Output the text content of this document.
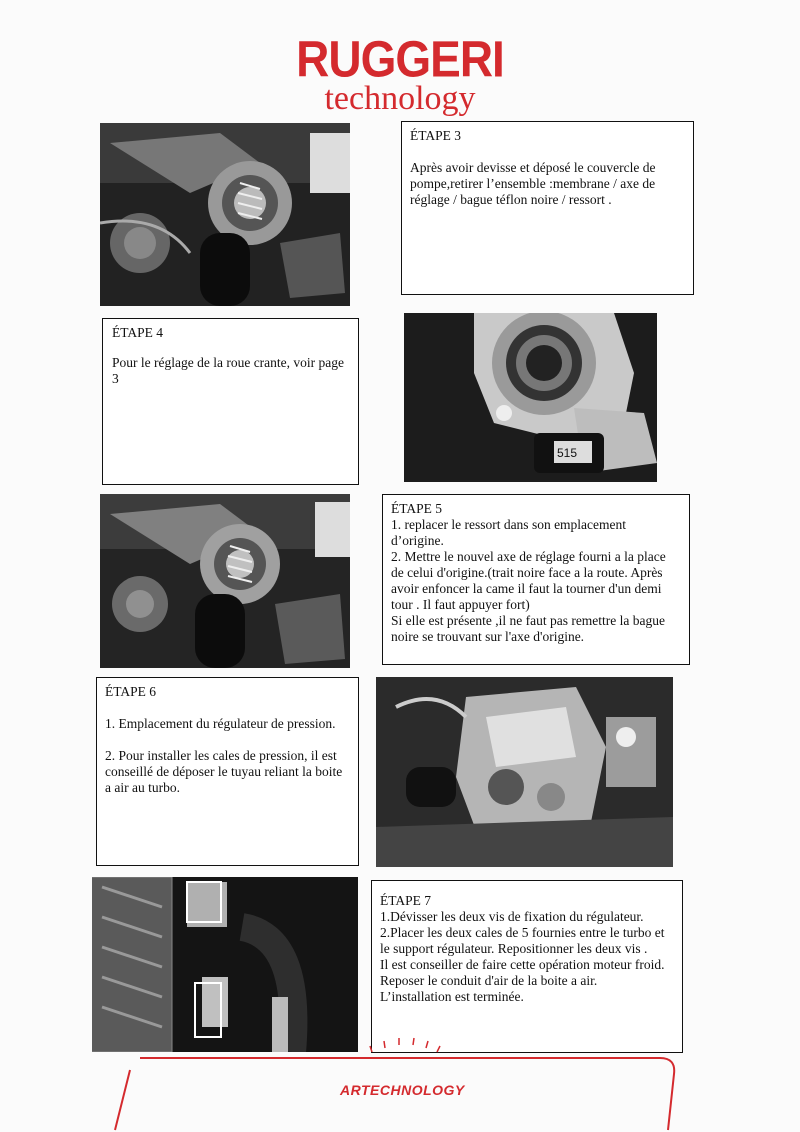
RUGGERI
technology

ÉTAPE 3

Après avoir devisse et déposé le couvercle de pompe,retirer l’ensemble :membrane / axe de réglage / bague téflon noire / ressort .

ÉTAPE 4

Pour le réglage de la roue crante, voir page 3

515

ÉTAPE 5

1. replacer le ressort dans son emplacement d’origine.

2. Mettre le nouvel axe de réglage fourni a la place de celui d'origine.(trait noire face a la route. Après avoir enfoncer la came il faut la tourner d'un demi tour . Il faut appuyer fort)

Si elle est présente ,il ne faut pas remettre la bague noire se trouvant sur l'axe d'origine.

ÉTAPE 6

1. Emplacement du régulateur de pression.

2. Pour installer les cales de pression, il est conseillé de déposer le tuyau reliant la boite a air au turbo.

ÉTAPE 7

1.Dévisser les deux vis de fixation du régulateur.

2.Placer les deux cales de 5 fournies entre le turbo et le support régulateur. Repositionner les deux vis .

Il est conseiller de faire cette opération moteur froid.

Reposer le conduit d'air de la boite a air.

L’installation est terminée.

ARTECHNOLOGY
